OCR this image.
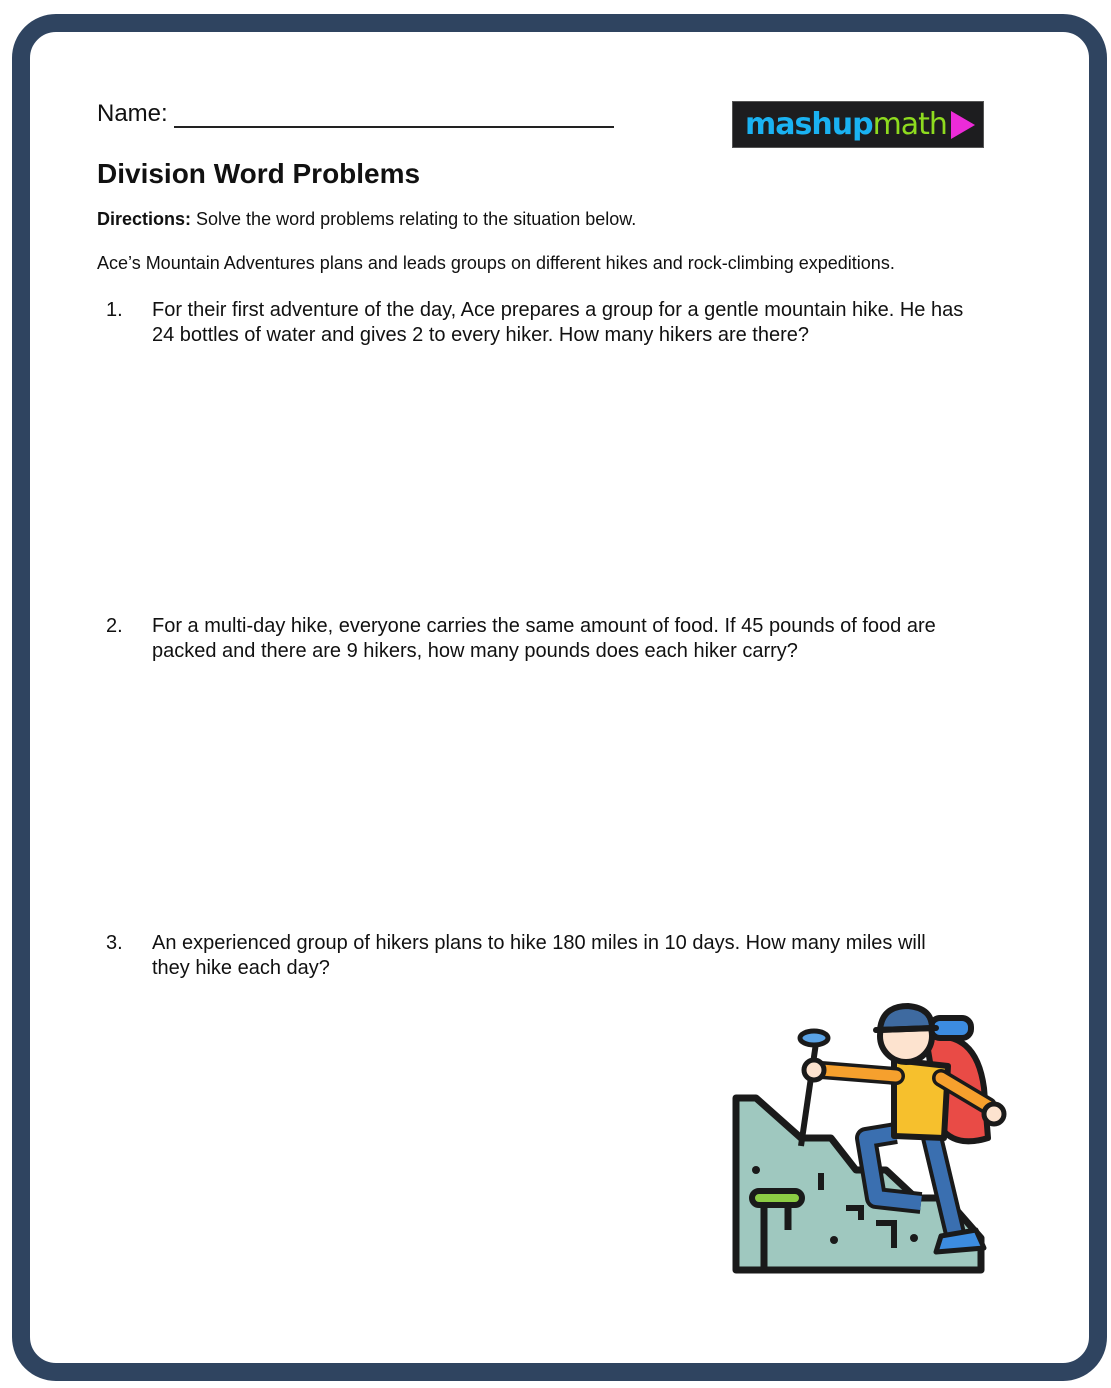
Name:	mashup math
Division Word Problems
Directions: Solve the word problems relating to the situation below.
Ace’s Mountain Adventures plans and leads groups on different hikes and rock-climbing expeditions.
1.	For their first adventure of the day, Ace prepares a group for a gentle mountain hike. He has 24 bottles of water and gives 2 to every hiker. How many hikers are there?
2.	For a multi-day hike, everyone carries the same amount of food. If 45 pounds of food are packed and there are 9 hikers, how many pounds does each hiker carry?
3.	An experienced group of hikers plans to hike 180 miles in 10 days. How many miles will they hike each day?
